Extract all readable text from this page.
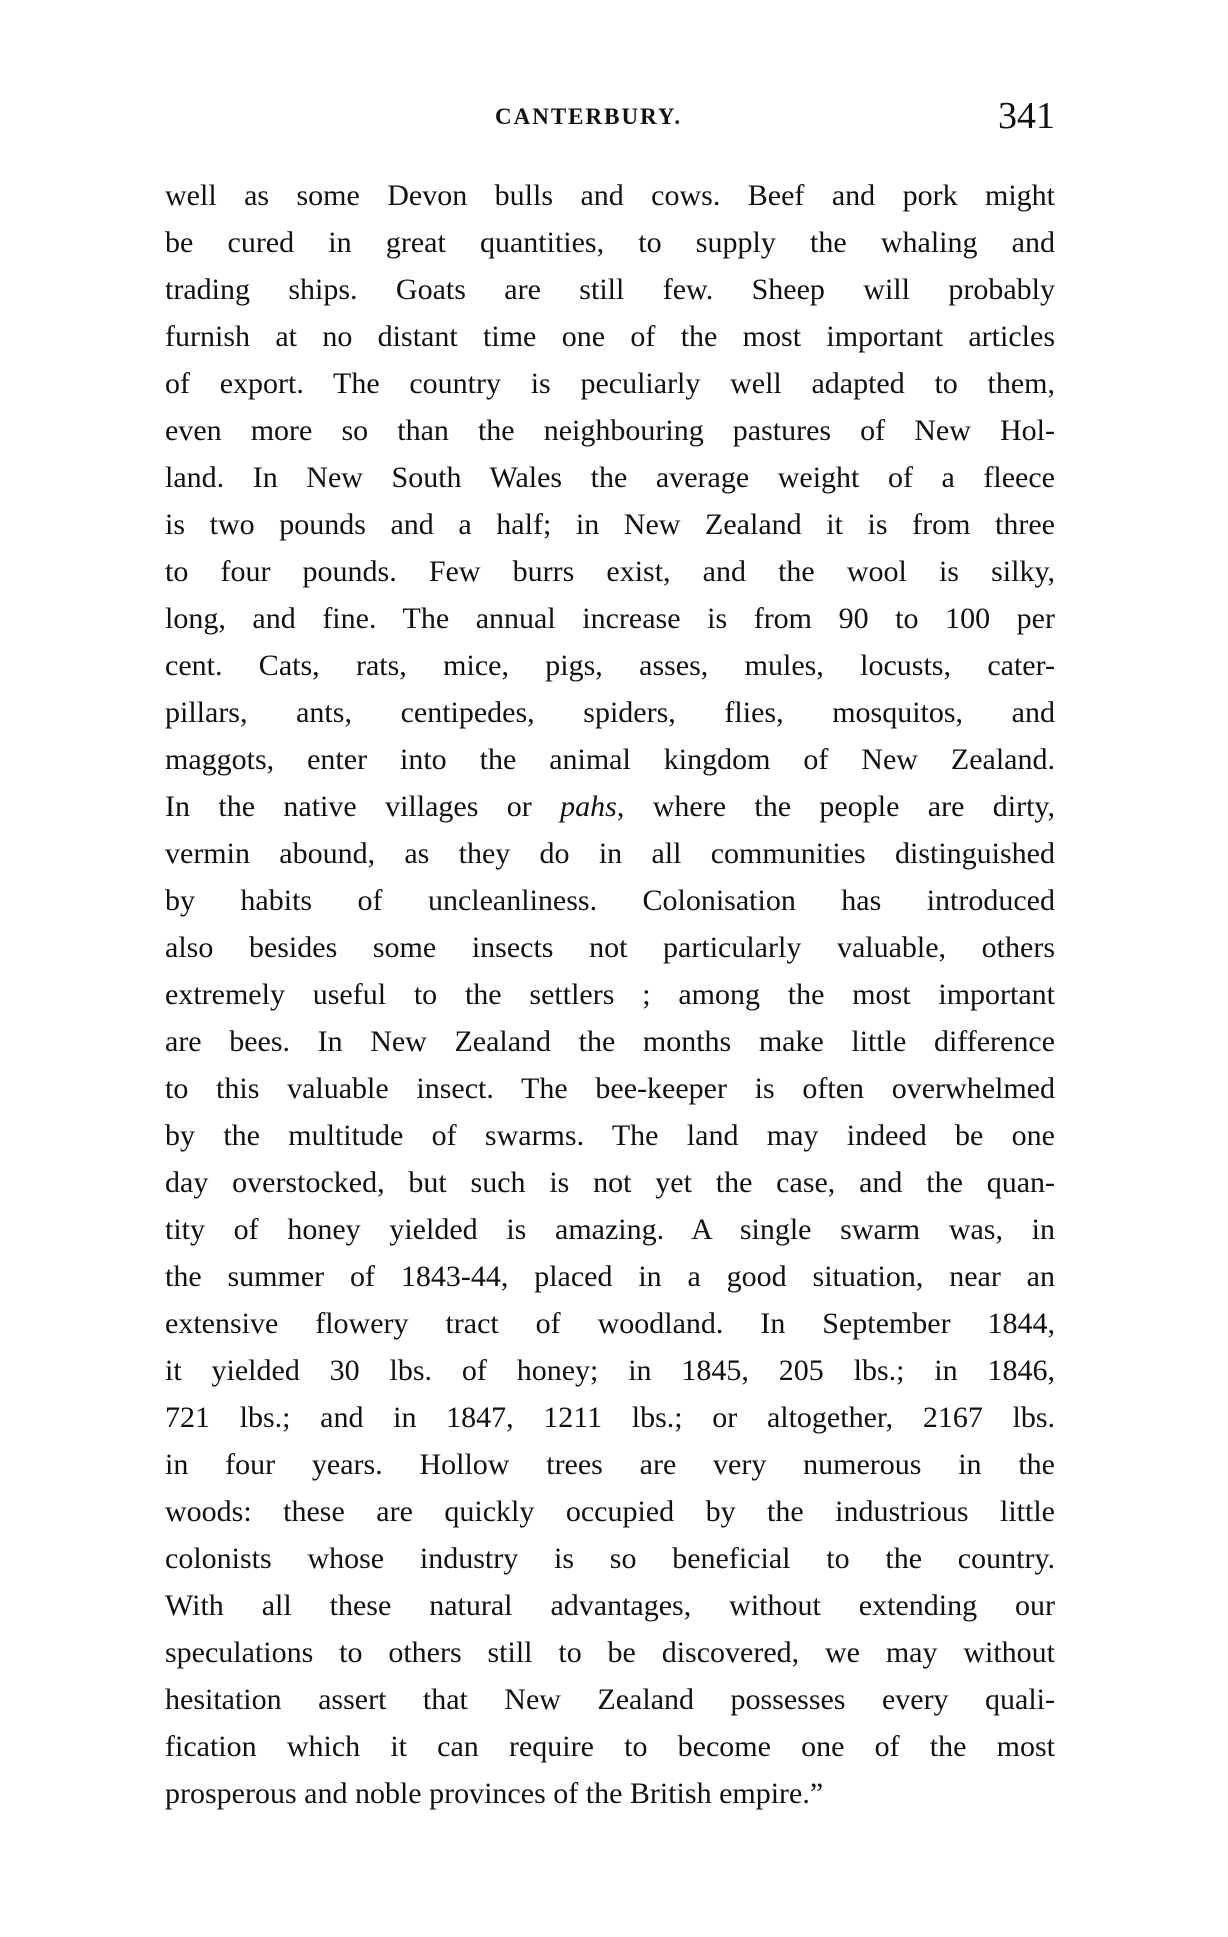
CANTERBURY.	341
well as some Devon bulls and cows. Beef and pork might
be cured in great quantities, to supply the whaling and
trading ships. Goats are still few. Sheep will probably
furnish at no distant time one of the most important articles
of export. The country is peculiarly well adapted to them,
even more so than the neighbouring pastures of New Hol-
land. In New South Wales the average weight of a fleece
is two pounds and a half; in New Zealand it is from three
to four pounds. Few burrs exist, and the wool is silky,
long, and fine. The annual increase is from 90 to 100 per
cent. Cats, rats, mice, pigs, asses, mules, locusts, cater-
pillars, ants, centipedes, spiders, flies, mosquitos, and
maggots, enter into the animal kingdom of New Zealand.
In the native villages or pahs, where the people are dirty,
vermin abound, as they do in all communities distinguished
by habits of uncleanliness. Colonisation has introduced
also besides some insects not particularly valuable, others
extremely useful to the settlers ; among the most important
are bees. In New Zealand the months make little difference
to this valuable insect. The bee-keeper is often overwhelmed
by the multitude of swarms. The land may indeed be one
day overstocked, but such is not yet the case, and the quan-
tity of honey yielded is amazing. A single swarm was, in
the summer of 1843-44, placed in a good situation, near an
extensive flowery tract of woodland. In September 1844,
it yielded 30 lbs. of honey; in 1845, 205 lbs.; in 1846,
721 lbs.; and in 1847, 1211 lbs.; or altogether, 2167 lbs.
in four years. Hollow trees are very numerous in the
woods: these are quickly occupied by the industrious little
colonists whose industry is so beneficial to the country.
With all these natural advantages, without extending our
speculations to others still to be discovered, we may without
hesitation assert that New Zealand possesses every quali-
fication which it can require to become one of the most
prosperous and noble provinces of the British empire.”
